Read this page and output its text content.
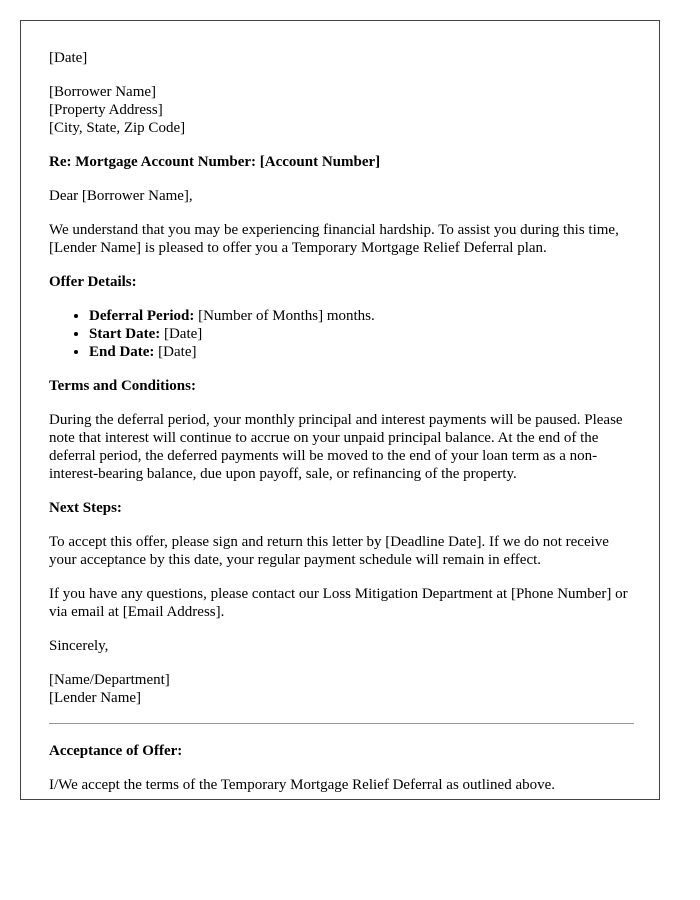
[Date]
[Borrower Name]
[Property Address]
[City, State, Zip Code]
Re: Mortgage Account Number: [Account Number]
Dear [Borrower Name],
We understand that you may be experiencing financial hardship. To assist you during this time, [Lender Name] is pleased to offer you a Temporary Mortgage Relief Deferral plan.
Offer Details:
• Deferral Period: [Number of Months] months.
• Start Date: [Date]
• End Date: [Date]
Terms and Conditions:
During the deferral period, your monthly principal and interest payments will be paused. Please note that interest will continue to accrue on your unpaid principal balance. At the end of the deferral period, the deferred payments will be moved to the end of your loan term as a non-interest-bearing balance, due upon payoff, sale, or refinancing of the property.
Next Steps:
To accept this offer, please sign and return this letter by [Deadline Date]. If we do not receive your acceptance by this date, your regular payment schedule will remain in effect.
If you have any questions, please contact our Loss Mitigation Department at [Phone Number] or via email at [Email Address].
Sincerely,
[Name/Department]
[Lender Name]
Acceptance of Offer:
I/We accept the terms of the Temporary Mortgage Relief Deferral as outlined above.
